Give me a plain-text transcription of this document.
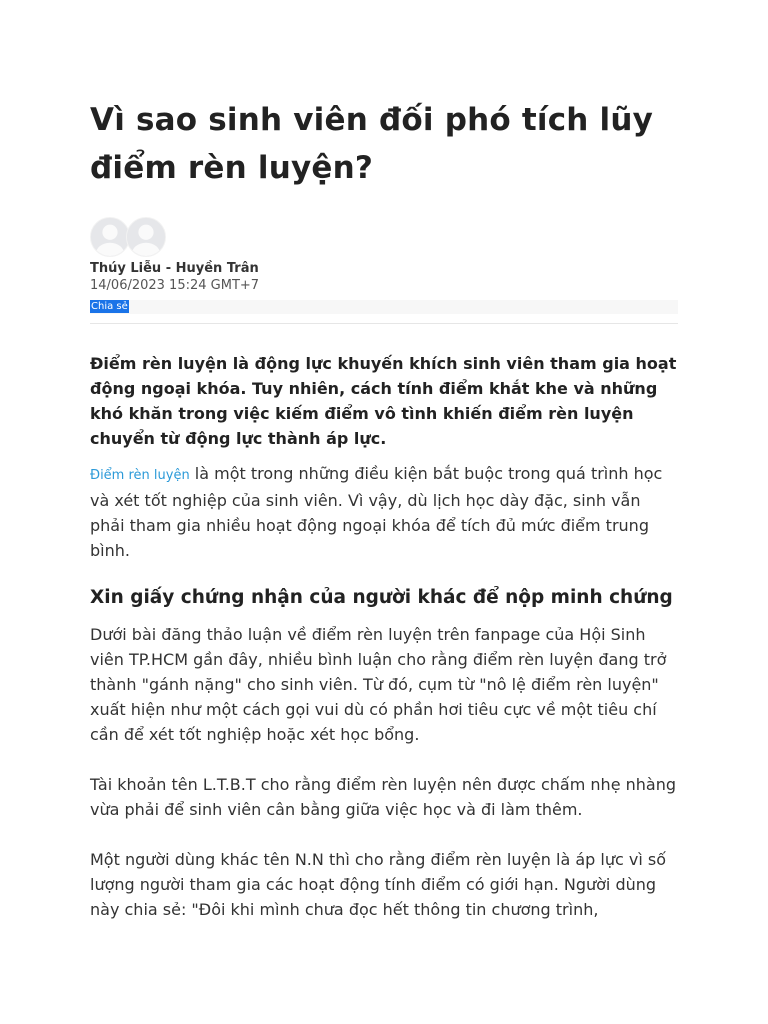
Vì sao sinh viên đối phó tích lũy điểm rèn luyện?
Thúy Liễu - Huyền Trân
14/06/2023 15:24 GMT+7
Chia sẻ

Điểm rèn luyện là động lực khuyến khích sinh viên tham gia hoạt động ngoại khóa. Tuy nhiên, cách tính điểm khắt khe và những khó khăn trong việc kiếm điểm vô tình khiến điểm rèn luyện chuyển từ động lực thành áp lực.

Điểm rèn luyện là một trong những điều kiện bắt buộc trong quá trình học và xét tốt nghiệp của sinh viên. Vì vậy, dù lịch học dày đặc, sinh vẫn phải tham gia nhiều hoạt động ngoại khóa để tích đủ mức điểm trung bình.

Xin giấy chứng nhận của người khác để nộp minh chứng

Dưới bài đăng thảo luận về điểm rèn luyện trên fanpage của Hội Sinh viên TP.HCM gần đây, nhiều bình luận cho rằng điểm rèn luyện đang trở thành "gánh nặng" cho sinh viên. Từ đó, cụm từ "nô lệ điểm rèn luyện" xuất hiện như một cách gọi vui dù có phần hơi tiêu cực về một tiêu chí cần để xét tốt nghiệp hoặc xét học bổng.

Tài khoản tên L.T.B.T cho rằng điểm rèn luyện nên được chấm nhẹ nhàng vừa phải để sinh viên cân bằng giữa việc học và đi làm thêm.

Một người dùng khác tên N.N thì cho rằng điểm rèn luyện là áp lực vì số lượng người tham gia các hoạt động tính điểm có giới hạn. Người dùng này chia sẻ: "Đôi khi mình chưa đọc hết thông tin chương trình,
